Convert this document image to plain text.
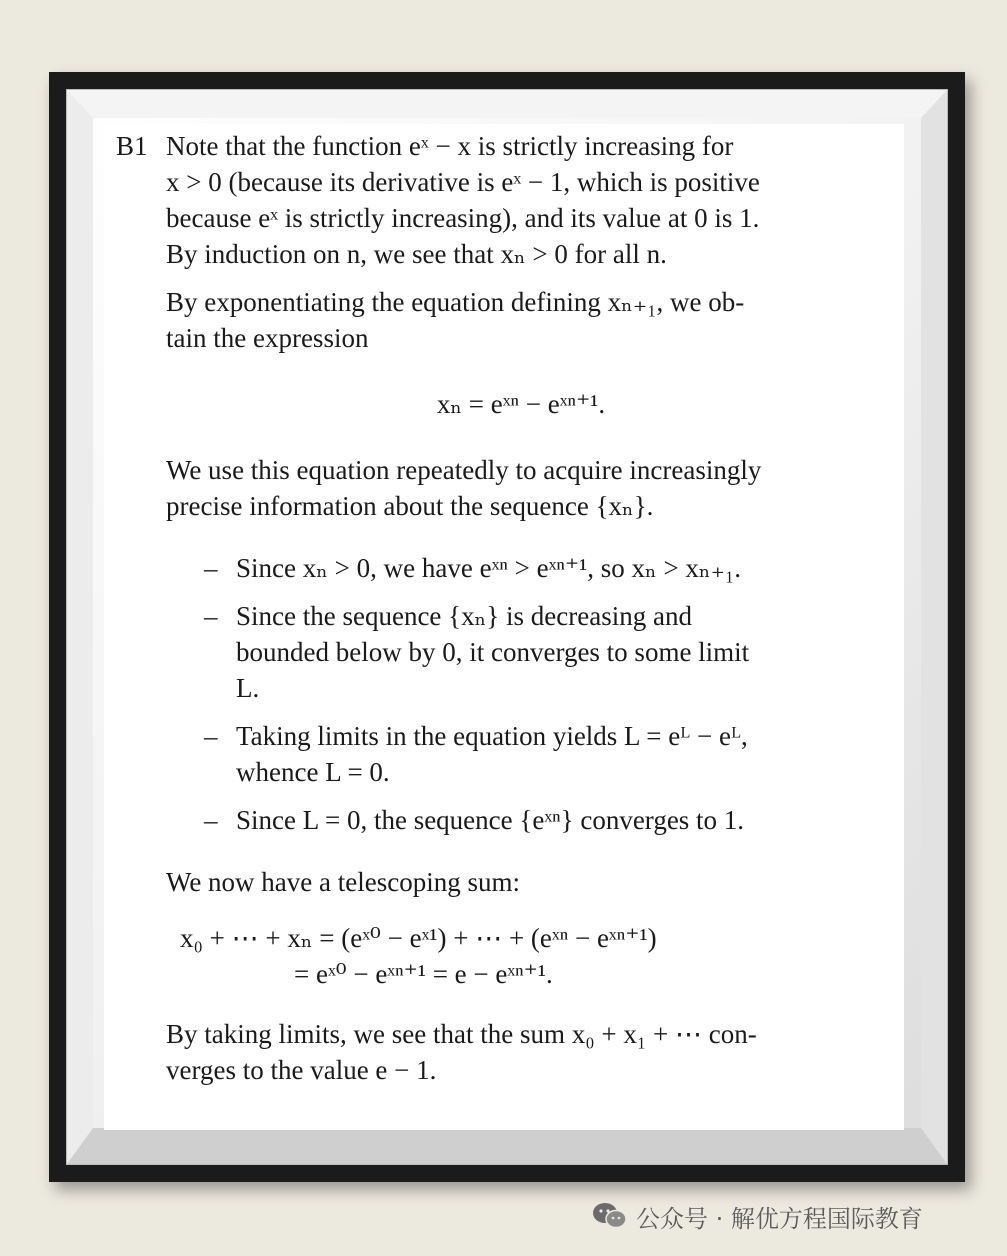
B1 Note that the function eˣ − x is strictly increasing for

x > 0 (because its derivative is eˣ − 1, which is positive

because eˣ is strictly increasing), and its value at 0 is 1.

By induction on n, we see that xₙ > 0 for all n.

By exponentiating the equation defining xₙ₊₁, we ob-

tain the expression

xₙ = eˣⁿ − eˣⁿ⁺¹.

We use this equation repeatedly to acquire increasingly

precise information about the sequence {xₙ}.

– Since xₙ > 0, we have eˣⁿ > eˣⁿ⁺¹, so xₙ > xₙ₊₁.

– Since the sequence {xₙ} is decreasing and

bounded below by 0, it converges to some limit

L.

– Taking limits in the equation yields L = eᴸ − eᴸ,

whence L = 0.

– Since L = 0, the sequence {eˣⁿ} converges to 1.

We now have a telescoping sum:

x₀ + ⋯ + xₙ = (eˣ⁰ − eˣ¹) + ⋯ + (eˣⁿ − eˣⁿ⁺¹)

= eˣ⁰ − eˣⁿ⁺¹ = e − eˣⁿ⁺¹.

By taking limits, we see that the sum x₀ + x₁ + ⋯ con-

verges to the value e − 1.

公众号 · 解优方程国际教育
